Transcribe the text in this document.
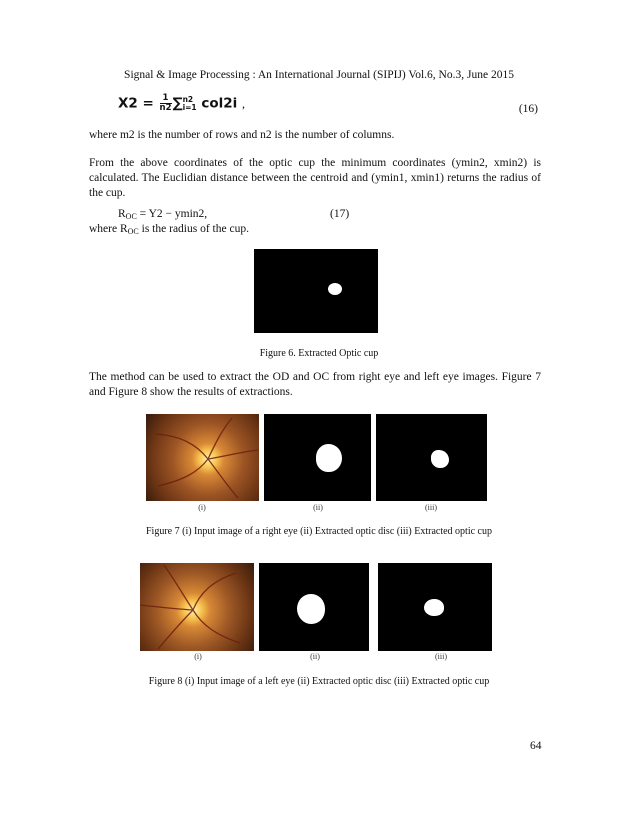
Signal & Image Processing : An International Journal (SIPIJ) Vol.6, No.3, June 2015
$X2 = \frac{1}{n2}$ ∑ n2
i=1 col2i ,	(16)
where m2 is the number of rows and n2 is the number of columns.
From the above coordinates of the optic cup the minimum coordinates (ymin2, xmin2) is calculated. The Euclidian distance between the centroid and (ymin1, xmin1) returns the radius of the cup.
$R_{OC} = Y2 - ymin2$,	(17)
where $R_{OC}$ is the radius of the cup.
Figure 6. Extracted Optic cup
The method can be used to extract the OD and OC from right eye and left eye images. Figure 7 and Figure 8 show the results of extractions.
(i)	(ii)	(iii)
Figure 7 (i) Input image of a right eye (ii) Extracted optic disc (iii) Extracted optic cup
(i)	(ii)	(iii)
Figure 8 (i) Input image of a left eye (ii) Extracted optic disc (iii) Extracted optic cup
64
